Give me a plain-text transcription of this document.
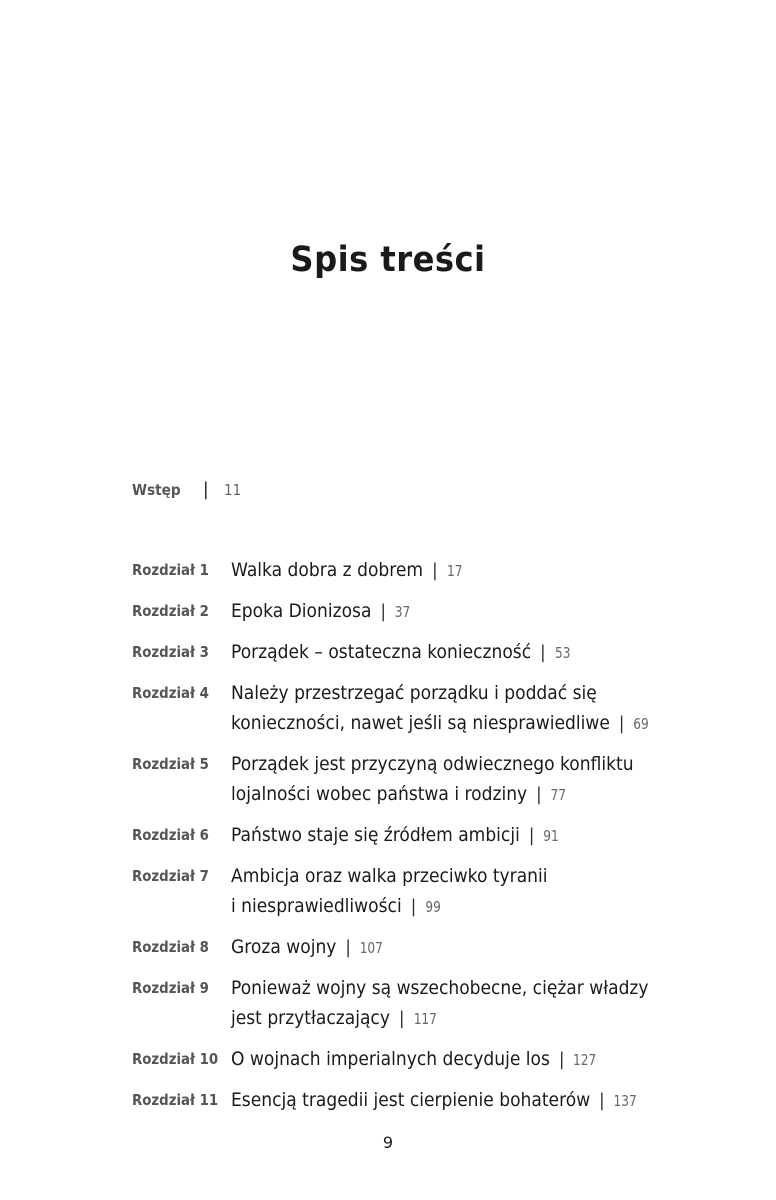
Spis treści
Wstęp | 11
Rozdział 1	Walka dobra z dobrem | 17
Rozdział 2	Epoka Dionizosa | 37
Rozdział 3	Porządek – ostateczna konieczność | 53
Rozdział 4	Należy przestrzegać porządku i poddać się
konieczności, nawet jeśli są niesprawiedliwe | 69
Rozdział 5	Porządek jest przyczyną odwiecznego konfliktu
lojalności wobec państwa i rodziny | 77
Rozdział 6	Państwo staje się źródłem ambicji | 91
Rozdział 7	Ambicja oraz walka przeciwko tyranii
i niesprawiedliwości | 99
Rozdział 8	Groza wojny | 107
Rozdział 9	Ponieważ wojny są wszechobecne, ciężar władzy
jest przytłaczający | 117
Rozdział 10 O wojnach imperialnych decyduje los | 127
Rozdział 11 Esencją tragedii jest cierpienie bohaterów | 137
9
